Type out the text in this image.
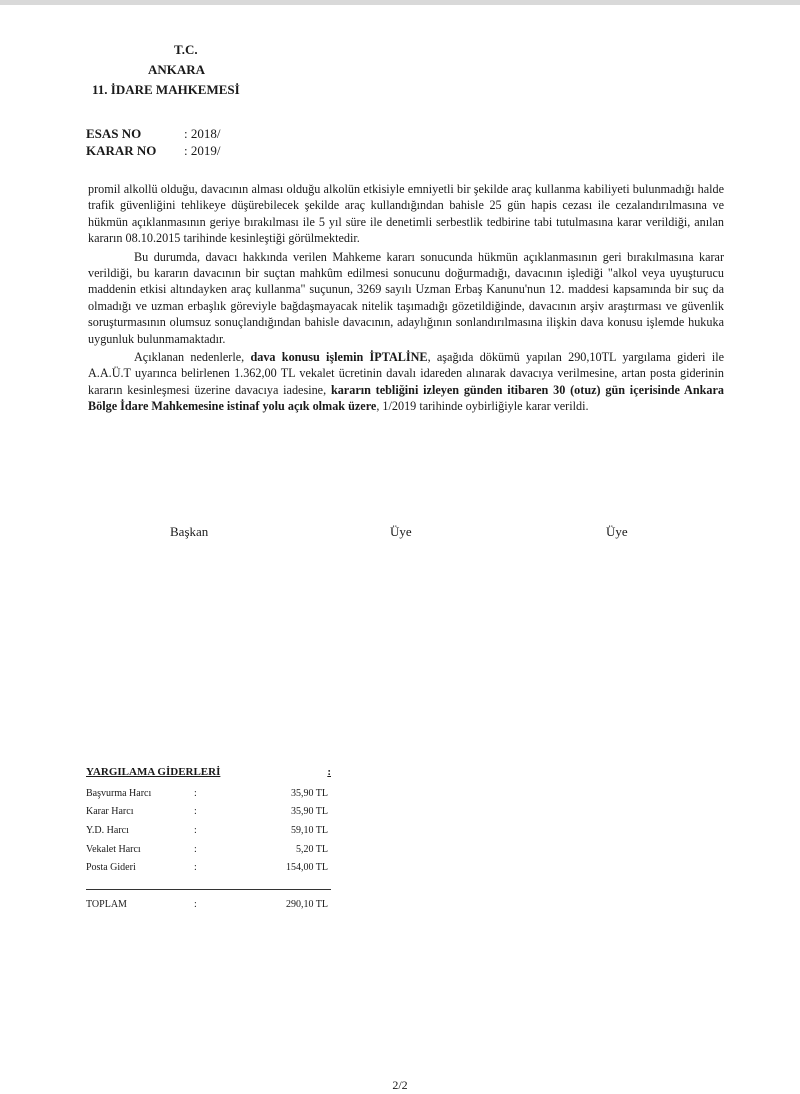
T.C.
ANKARA
11. İDARE MAHKEMESİ
ESAS NO	: 2018/
KARAR NO	: 2019/

promil alkollü olduğu, davacının alması olduğu alkolün etkisiyle emniyetli bir şekilde araç kullanma kabiliyeti bulunmadığı halde trafik güvenliğini tehlikeye düşürebilecek şekilde araç kullandığından bahisle 25 gün hapis cezası ile cezalandırılmasına ve hükmün açıklanmasının geriye bırakılması ile 5 yıl süre ile denetimli serbestlik tedbirine tabi tutulmasına karar verildiği, anılan kararın 08.10.2015 tarihinde kesinleştiği görülmektedir.

Bu durumda, davacı hakkında verilen Mahkeme kararı sonucunda hükmün açıklanmasının geri bırakılmasına karar verildiği, bu kararın davacının bir suçtan mahkûm edilmesi sonucunu doğurmadığı, davacının işlediği "alkol veya uyuşturucu maddenin etkisi altındayken araç kullanma" suçunun, 3269 sayılı Uzman Erbaş Kanunu'nun 12. maddesi kapsamında bir suç da olmadığı ve uzman erbaşlık göreviyle bağdaşmayacak nitelik taşımadığı gözetildiğinde, davacının arşiv araştırması ve güvenlik soruşturmasının olumsuz sonuçlandığından bahisle davacının, adaylığının sonlandırılmasına ilişkin dava konusu işlemde hukuka uygunluk bulunmamaktadır.

Açıklanan nedenlerle, dava konusu işlemin İPTALİNE, aşağıda dökümü yapılan 290,10TL yargılama gideri ile A.A.Ü.T uyarınca belirlenen 1.362,00 TL vekalet ücretinin davalı idareden alınarak davacıya verilmesine, artan posta giderinin kararın kesinleşmesi üzerine davacıya iadesine, kararın tebliğini izleyen günden itibaren 30 (otuz) gün içerisinde Ankara Bölge İdare Mahkemesine istinaf yolu açık olmak üzere, 1/2019 tarihinde oybirliğiyle karar verildi.

Başkan	Üye	Üye
YARGILAMA GİDERLERİ	:
Başvurma Harcı	:	35,90 TL
Karar Harcı	:	35,90 TL
Y.D. Harcı	:	59,10 TL
Vekalet Harcı	:	5,20 TL
Posta Gideri	:	154,00 TL
TOPLAM	:	290,10 TL
2/2
